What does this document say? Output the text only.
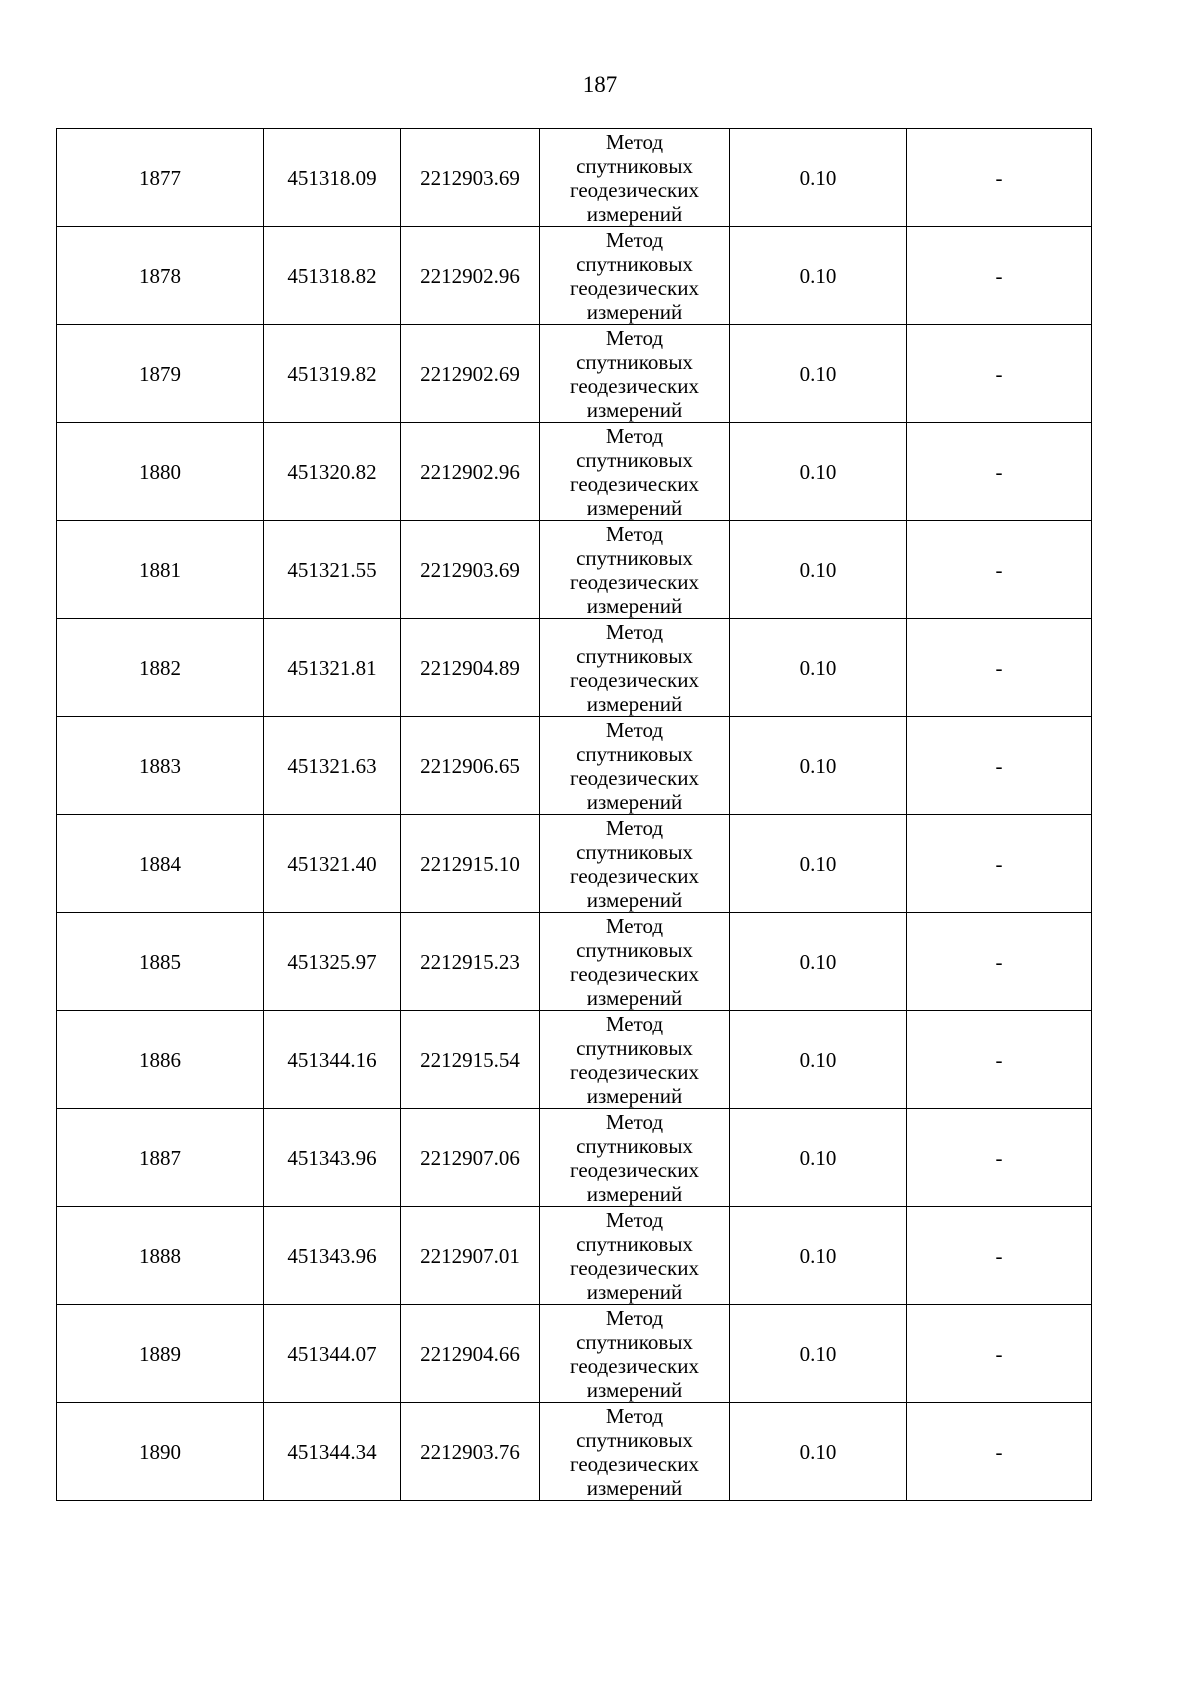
187
1877	451318.09	2212903.69	Метод спутниковых геодезических измерений	0.10	-
1878	451318.82	2212902.96	Метод спутниковых геодезических измерений	0.10	-
1879	451319.82	2212902.69	Метод спутниковых геодезических измерений	0.10	-
1880	451320.82	2212902.96	Метод спутниковых геодезических измерений	0.10	-
1881	451321.55	2212903.69	Метод спутниковых геодезических измерений	0.10	-
1882	451321.81	2212904.89	Метод спутниковых геодезических измерений	0.10	-
1883	451321.63	2212906.65	Метод спутниковых геодезических измерений	0.10	-
1884	451321.40	2212915.10	Метод спутниковых геодезических измерений	0.10	-
1885	451325.97	2212915.23	Метод спутниковых геодезических измерений	0.10	-
1886	451344.16	2212915.54	Метод спутниковых геодезических измерений	0.10	-
1887	451343.96	2212907.06	Метод спутниковых геодезических измерений	0.10	-
1888	451343.96	2212907.01	Метод спутниковых геодезических измерений	0.10	-
1889	451344.07	2212904.66	Метод спутниковых геодезических измерений	0.10	-
1890	451344.34	2212903.76	Метод спутниковых геодезических измерений	0.10	-
